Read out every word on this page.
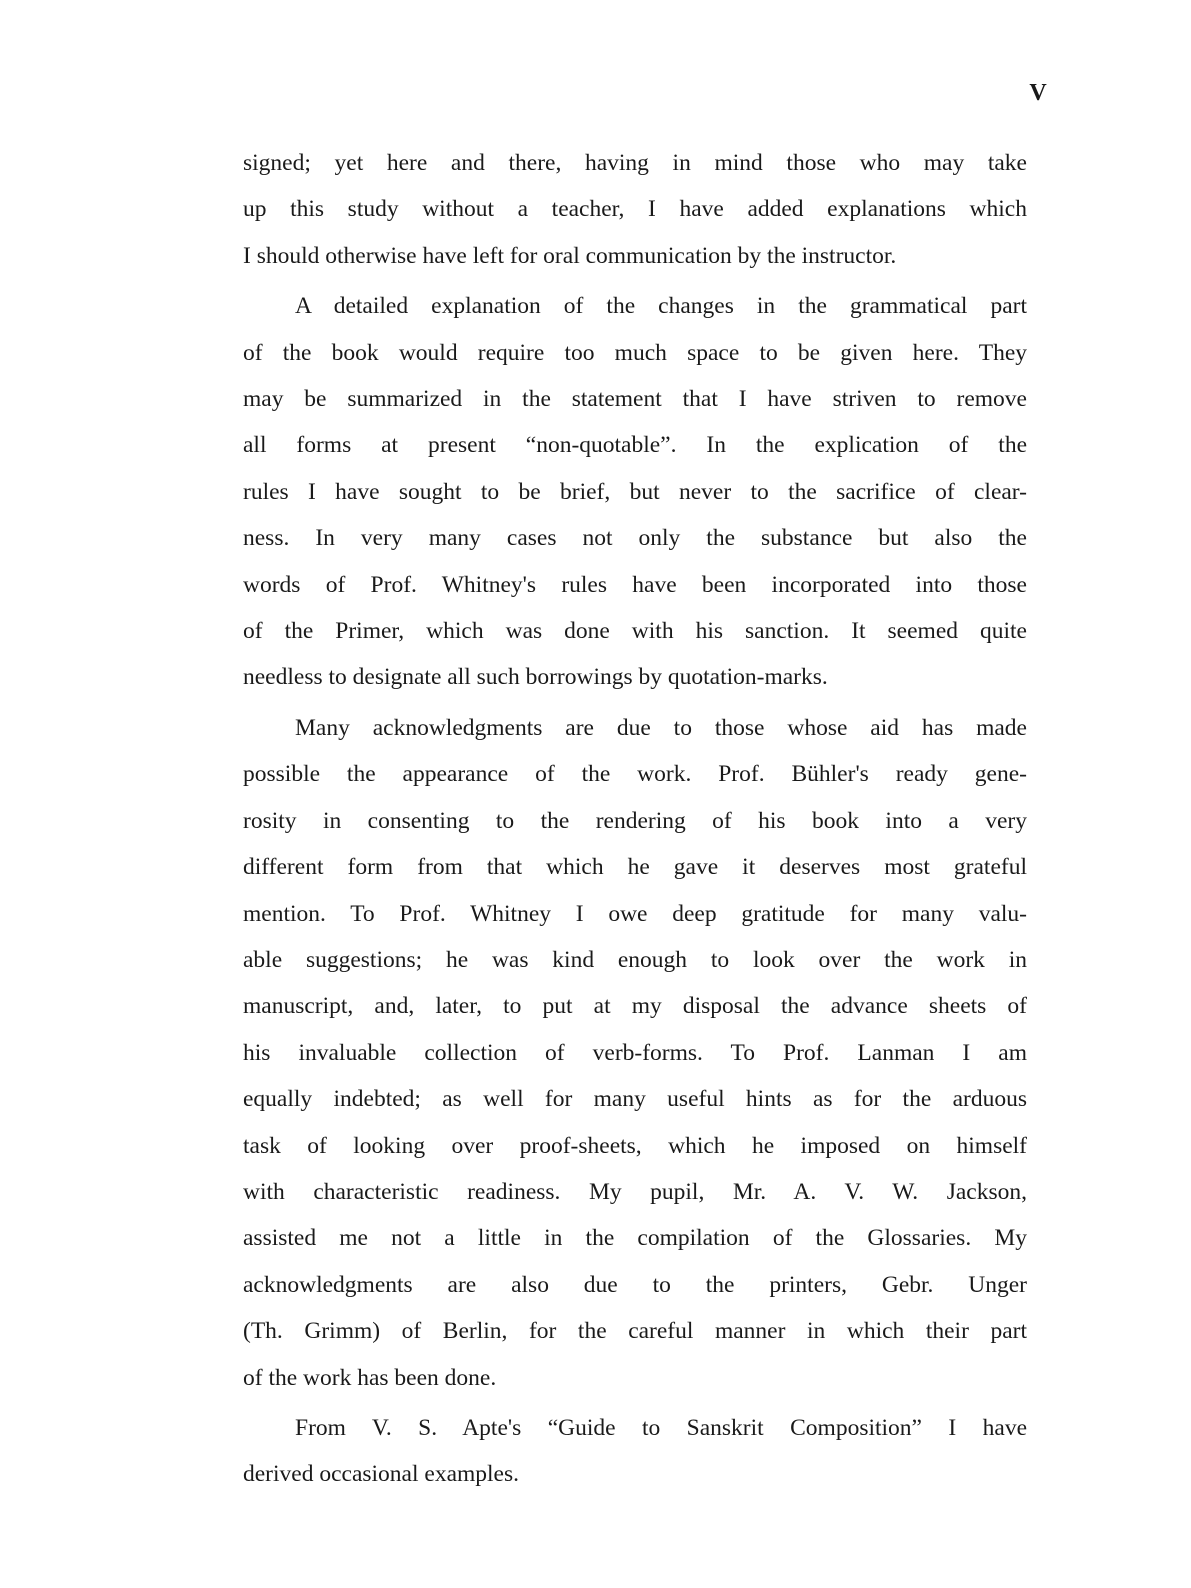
V

signed; yet here and there, having in mind those who may take
up this study without a teacher, I have added explanations which
I should otherwise have left for oral communication by the instructor.

A detailed explanation of the changes in the grammatical part
of the book would require too much space to be given here. They
may be summarized in the statement that I have striven to remove
all forms at present “non-quotable”. In the explication of the
rules I have sought to be brief, but never to the sacrifice of clear-
ness. In very many cases not only the substance but also the
words of Prof. Whitney's rules have been incorporated into those
of the Primer, which was done with his sanction. It seemed quite
needless to designate all such borrowings by quotation-marks.

Many acknowledgments are due to those whose aid has made
possible the appearance of the work. Prof. Bühler's ready gene-
rosity in consenting to the rendering of his book into a very
different form from that which he gave it deserves most grateful
mention. To Prof. Whitney I owe deep gratitude for many valu-
able suggestions; he was kind enough to look over the work in
manuscript, and, later, to put at my disposal the advance sheets of
his invaluable collection of verb-forms. To Prof. Lanman I am
equally indebted; as well for many useful hints as for the arduous
task of looking over proof-sheets, which he imposed on himself
with characteristic readiness. My pupil, Mr. A. V. W. Jackson,
assisted me not a little in the compilation of the Glossaries. My
acknowledgments are also due to the printers, Gebr. Unger
(Th. Grimm) of Berlin, for the careful manner in which their part
of the work has been done.

From V. S. Apte's “Guide to Sanskrit Composition” I have
derived occasional examples.
